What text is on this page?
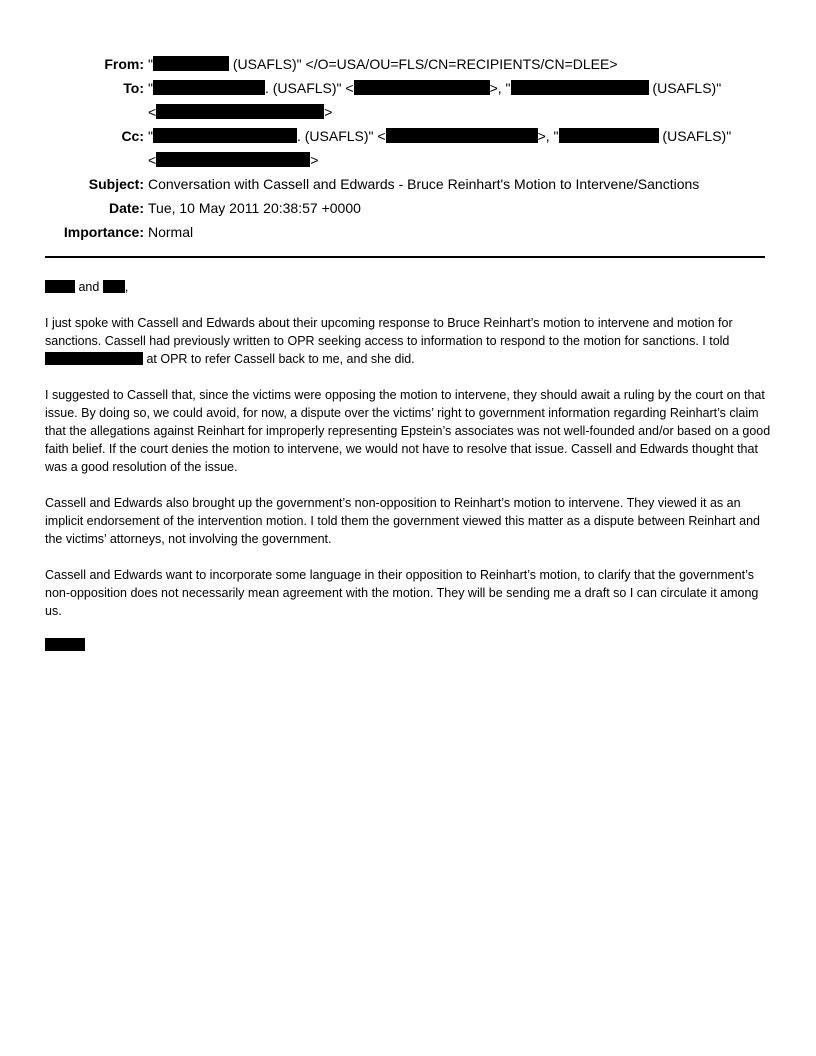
From: "	(USAFLS)" </O=USA/OU=FLS/CN=RECIPIENTS/CN=DLEE>
To: "	. (USAFLS)" <	>, "	(USAFLS)"
<	>
Cc: "	. (USAFLS)" <	>, "	(USAFLS)"
<	>
Subject: Conversation with Cassell and Edwards - Bruce Reinhart's Motion to Intervene/Sanctions
Date: Tue, 10 May 2011 20:38:57 +0000
Importance: Normal

and ,

I just spoke with Cassell and Edwards about their upcoming response to Bruce Reinhart’s motion to intervene and motion for sanctions. Cassell had previously written to OPR seeking access to information to respond to the motion for sanctions. I told  at OPR to refer Cassell back to me, and she did.

I suggested to Cassell that, since the victims were opposing the motion to intervene, they should await a ruling by the court on that issue. By doing so, we could avoid, for now, a dispute over the victims’ right to government information regarding Reinhart’s claim that the allegations against Reinhart for improperly representing Epstein’s associates was not well-founded and/or based on a good faith belief. If the court denies the motion to intervene, we would not have to resolve that issue. Cassell and Edwards thought that was a good resolution of the issue.

Cassell and Edwards also brought up the government’s non-opposition to Reinhart’s motion to intervene. They viewed it as an implicit endorsement of the intervention motion. I told them the government viewed this matter as a dispute between Reinhart and the victims’ attorneys, not involving the government.

Cassell and Edwards want to incorporate some language in their opposition to Reinhart’s motion, to clarify that the government’s non-opposition does not necessarily mean agreement with the motion. They will be sending me a draft so I can circulate it among us.
